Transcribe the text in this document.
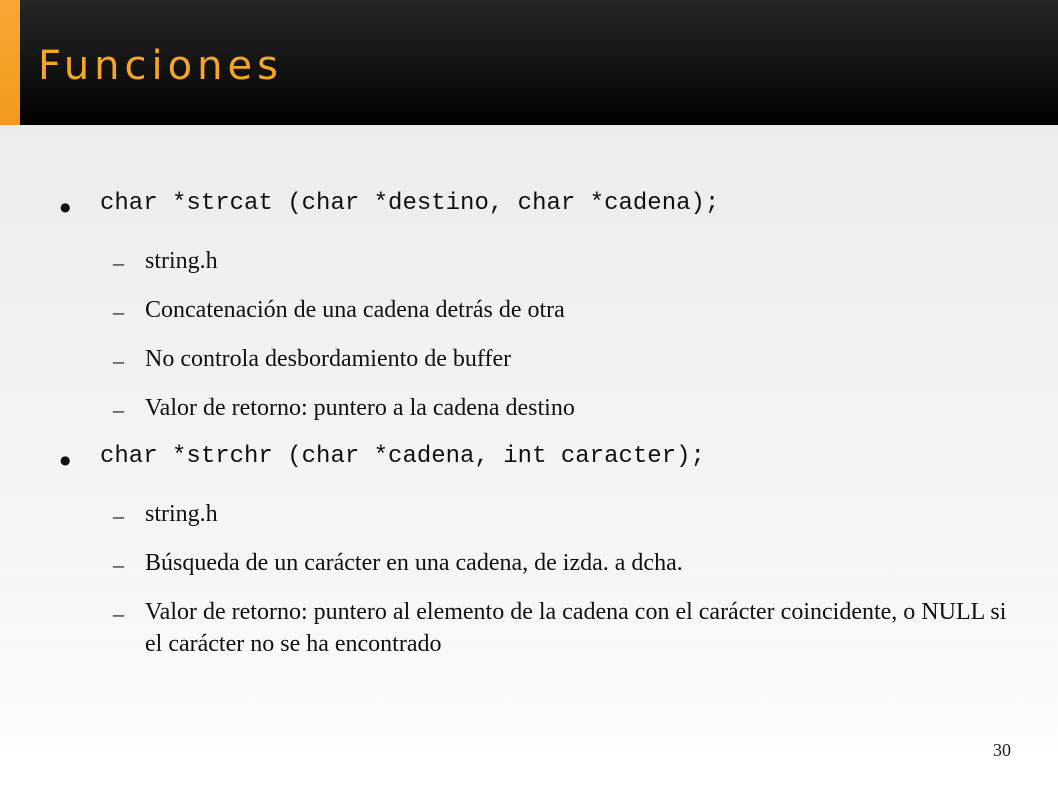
Funciones
● char *strcat (char *destino, char *cadena);
– string.h
– Concatenación de una cadena detrás de otra
– No controla desbordamiento de buffer
– Valor de retorno: puntero a la cadena destino
● char *strchr (char *cadena, int caracter);
– string.h
– Búsqueda de un carácter en una cadena, de izda. a dcha.
– Valor de retorno: puntero al elemento de la cadena con el carácter coincidente, o NULL si el carácter no se ha encontrado
30
